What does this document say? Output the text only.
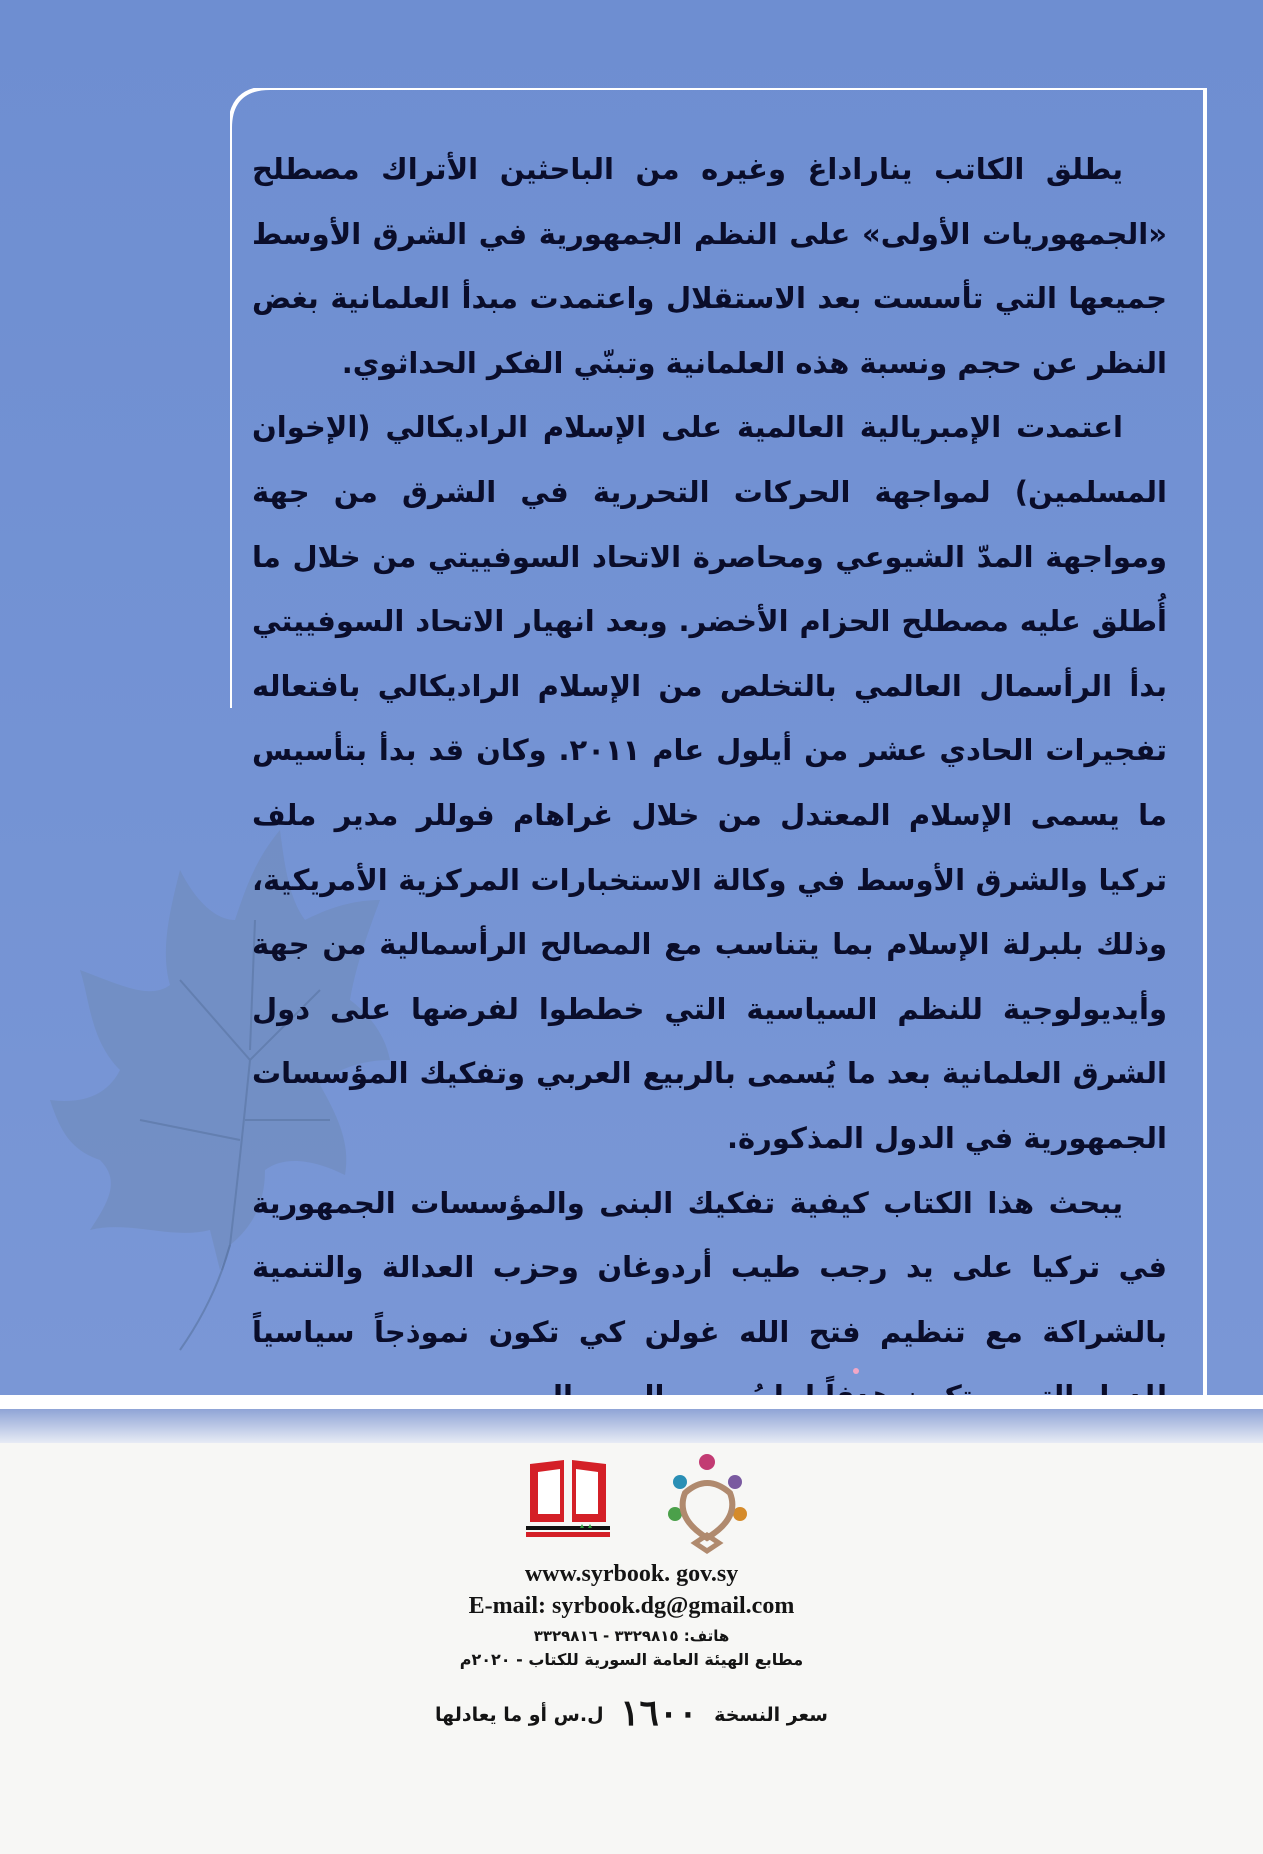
يطلق الكاتب يناراداغ وغيره من الباحثين الأتراك مصطلح «الجمهوريات الأولى» على النظم الجمهورية في الشرق الأوسط جميعها التي تأسست بعد الاستقلال واعتمدت مبدأ العلمانية بغض النظر عن حجم ونسبة هذه العلمانية وتبنّي الفكر الحداثوي.

اعتمدت الإمبريالية العالمية على الإسلام الراديكالي (الإخوان المسلمين) لمواجهة الحركات التحررية في الشرق من جهة ومواجهة المدّ الشيوعي ومحاصرة الاتحاد السوفييتي من خلال ما أُطلق عليه مصطلح الحزام الأخضر. وبعد انهيار الاتحاد السوفييتي بدأ الرأسمال العالمي بالتخلص من الإسلام الراديكالي بافتعاله تفجيرات الحادي عشر من أيلول عام ٢٠١١. وكان قد بدأ بتأسيس ما يسمى الإسلام المعتدل من خلال غراهام فوللر مدير ملف تركيا والشرق الأوسط في وكالة الاستخبارات المركزية الأمريكية، وذلك بلبرلة الإسلام بما يتناسب مع المصالح الرأسمالية من جهة وأيديولوجية للنظم السياسية التي خططوا لفرضها على دول الشرق العلمانية بعد ما يُسمى بالربيع العربي وتفكيك المؤسسات الجمهورية في الدول المذكورة.

يبحث هذا الكتاب كيفية تفكيك البنى والمؤسسات الجمهورية في تركيا على يد رجب طيب أردوغان وحزب العدالة والتنمية بالشراكة مع تنظيم فتح الله غولن كي تكون نموذجاً سياسياً

www.syrbook. gov.sy
E-mail: syrbook.dg@gmail.com
هاتف: ٣٣٢٩٨١٥ - ٣٣٢٩٨١٦
مطابع الهيئة العامة السورية للكتاب - ٢٠٢٠م
سعر النسخة ١٦٠٠ ل.س أو ما يعادلها
